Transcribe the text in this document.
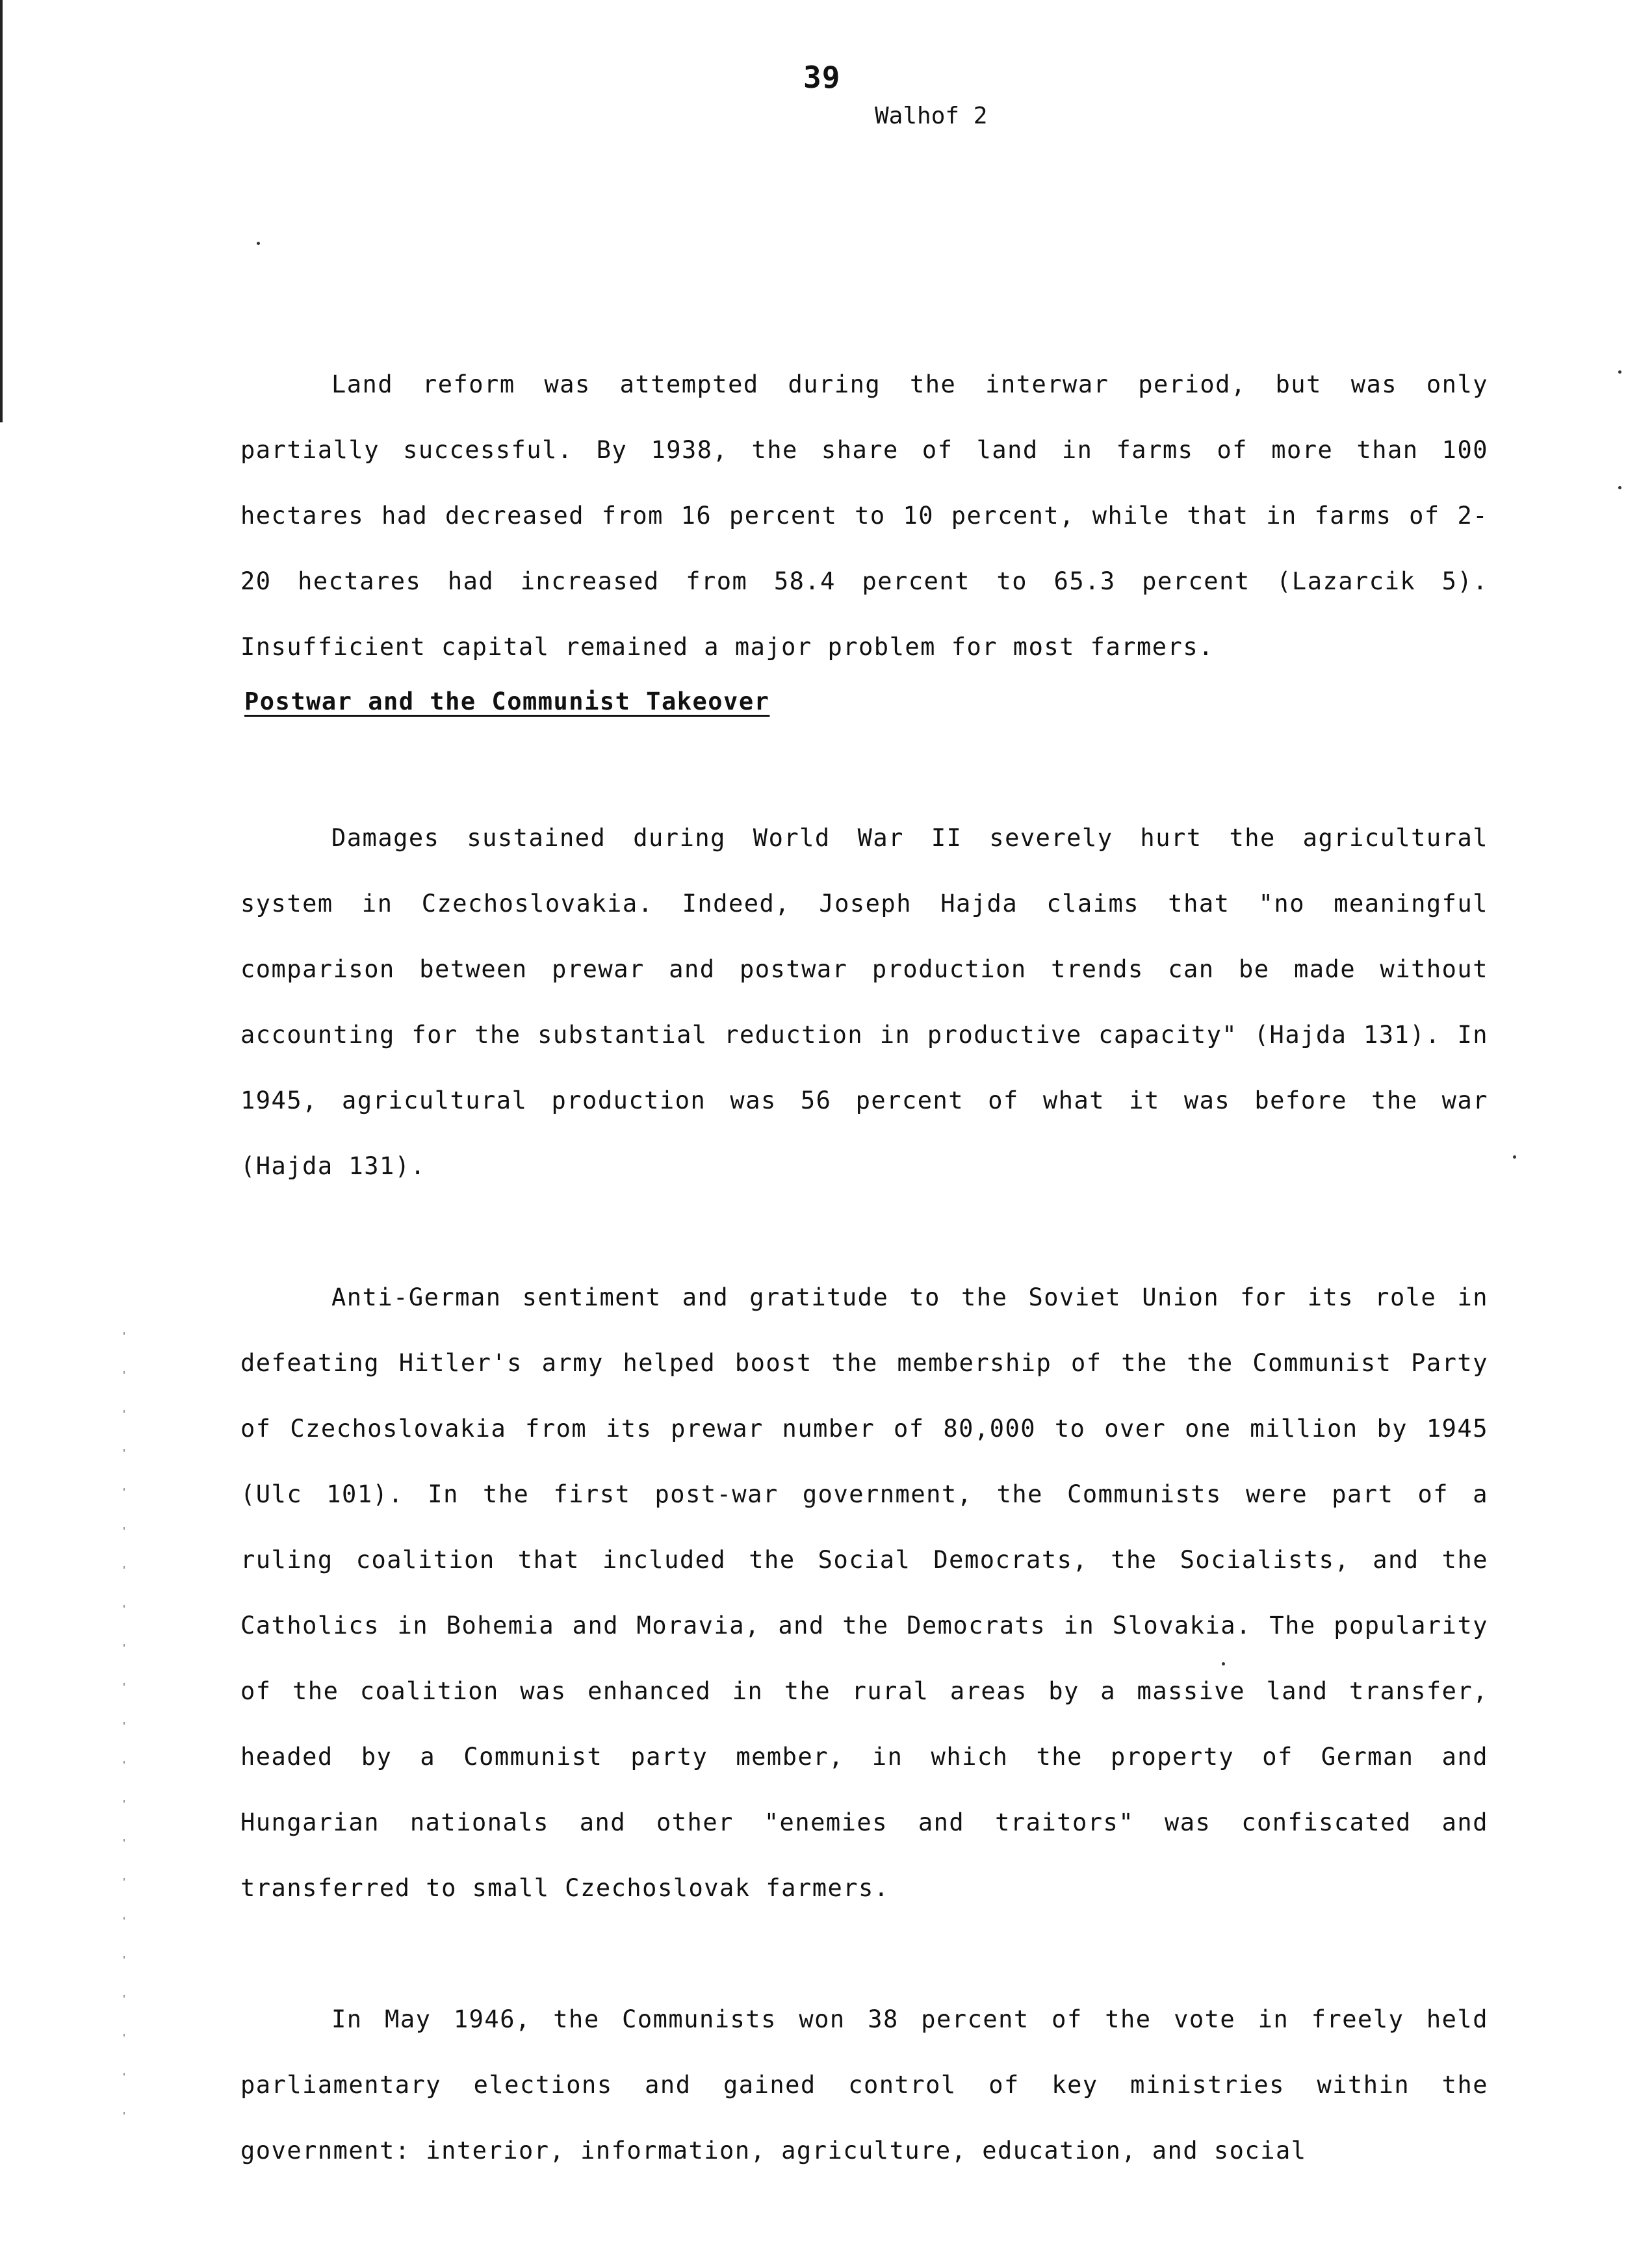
39
Walhof 2

Land reform was attempted during the interwar period, but was only partially successful. By 1938, the share of land in farms of more than 100 hectares had decreased from 16 percent to 10 percent, while that in farms of 2-20 hectares had increased from 58.4 percent to 65.3 percent (Lazarcik 5). Insufficient capital remained a major problem for most farmers.

Postwar and the Communist Takeover

Damages sustained during World War II severely hurt the agricultural system in Czechoslovakia. Indeed, Joseph Hajda claims that "no meaningful comparison between prewar and postwar production trends can be made without accounting for the substantial reduction in productive capacity" (Hajda 131). In 1945, agricultural production was 56 percent of what it was before the war (Hajda 131).

Anti-German sentiment and gratitude to the Soviet Union for its role in defeating Hitler's army helped boost the membership of the the Communist Party of Czechoslovakia from its prewar number of 80,000 to over one million by 1945 (Ulc 101). In the first post-war government, the Communists were part of a ruling coalition that included the Social Democrats, the Socialists, and the Catholics in Bohemia and Moravia, and the Democrats in Slovakia. The popularity of the coalition was enhanced in the rural areas by a massive land transfer, headed by a Communist party member, in which the property of German and Hungarian nationals and other "enemies and traitors" was confiscated and transferred to small Czechoslovak farmers.

In May 1946, the Communists won 38 percent of the vote in freely held parliamentary elections and gained control of key ministries within the government: interior, information, agriculture, education, and social
